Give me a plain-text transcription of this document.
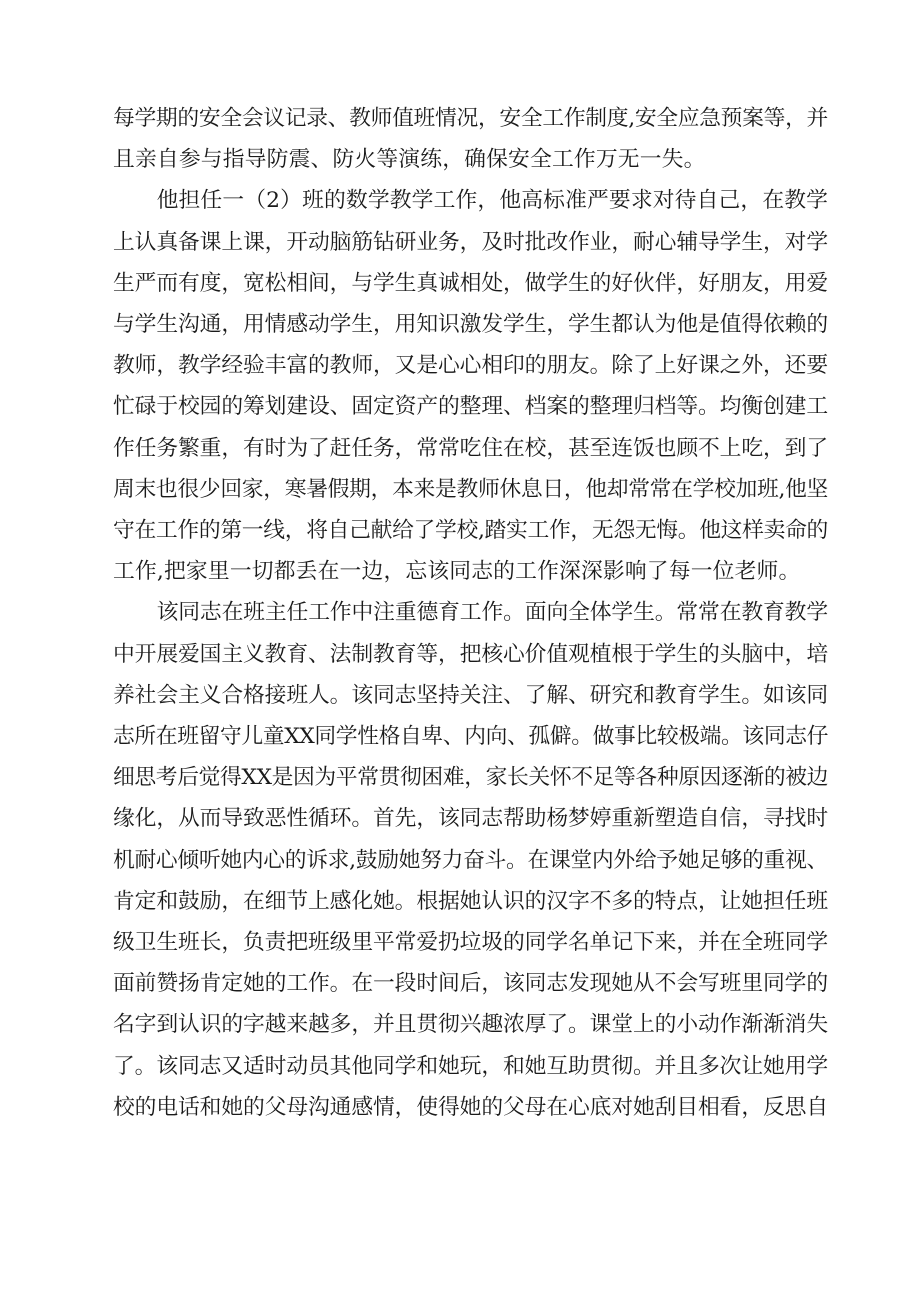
每学期的安全会议记录、教师值班情况，安全工作制度,安全应急预案等，并
且亲自参与指导防震、防火等演练，确保安全工作万无一失。
他担任一（2）班的数学教学工作，他高标准严要求对待自己，在教学
上认真备课上课，开动脑筋钻研业务，及时批改作业，耐心辅导学生，对学
生严而有度，宽松相间，与学生真诚相处，做学生的好伙伴，好朋友，用爱
与学生沟通，用情感动学生，用知识激发学生，学生都认为他是值得依赖的
教师，教学经验丰富的教师，又是心心相印的朋友。除了上好课之外，还要
忙碌于校园的筹划建设、固定资产的整理、档案的整理归档等。均衡创建工
作任务繁重，有时为了赶任务，常常吃住在校，甚至连饭也顾不上吃，到了
周末也很少回家，寒暑假期，本来是教师休息日，他却常常在学校加班,他坚
守在工作的第一线，将自己献给了学校,踏实工作，无怨无悔。他这样卖命的
工作,把家里一切都丢在一边，忘该同志的工作深深影响了每一位老师。
该同志在班主任工作中注重德育工作。面向全体学生。常常在教育教学
中开展爱国主义教育、法制教育等，把核心价值观植根于学生的头脑中，培
养社会主义合格接班人。该同志坚持关注、了解、研究和教育学生。如该同
志所在班留守儿童XX同学性格自卑、内向、孤僻。做事比较极端。该同志仔
细思考后觉得XX是因为平常贯彻困难，家长关怀不足等各种原因逐渐的被边
缘化，从而导致恶性循环。首先，该同志帮助杨梦婷重新塑造自信，寻找时
机耐心倾听她内心的诉求,鼓励她努力奋斗。在课堂内外给予她足够的重视、
肯定和鼓励，在细节上感化她。根据她认识的汉字不多的特点，让她担任班
级卫生班长，负责把班级里平常爱扔垃圾的同学名单记下来，并在全班同学
面前赞扬肯定她的工作。在一段时间后，该同志发现她从不会写班里同学的
名字到认识的字越来越多，并且贯彻兴趣浓厚了。课堂上的小动作渐渐消失
了。该同志又适时动员其他同学和她玩，和她互助贯彻。并且多次让她用学
校的电话和她的父母沟通感情，使得她的父母在心底对她刮目相看，反思自
